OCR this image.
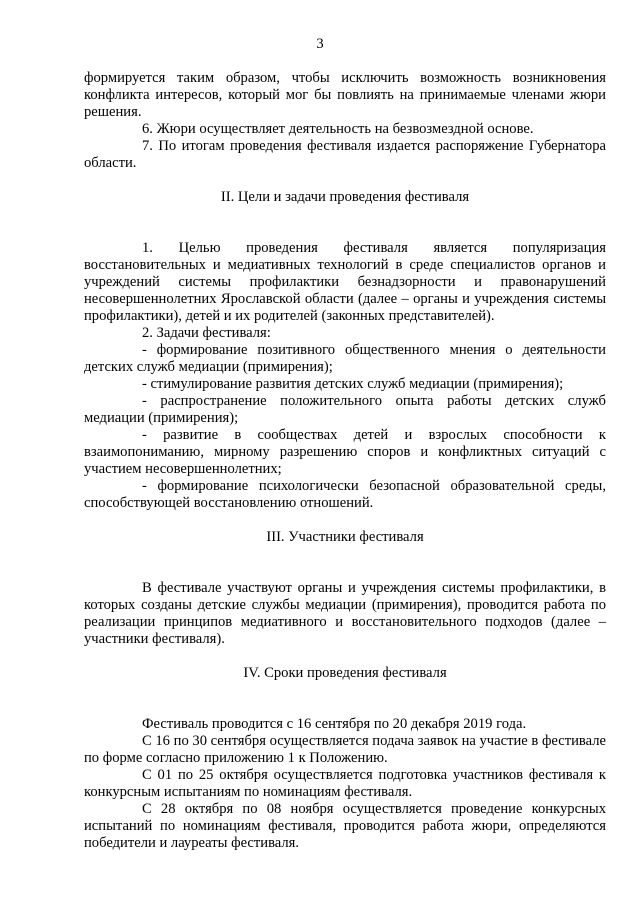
3

формируется таким образом, чтобы исключить возможность возникновения конфликта интересов, который мог бы повлиять на принимаемые членами жюри решения.

6. Жюри осуществляет деятельность на безвозмездной основе.

7. По итогам проведения фестиваля издается распоряжение Губернатора области.

II. Цели и задачи проведения фестиваля

1. Целью проведения фестиваля является популяризация восстановительных и медиативных технологий в среде специалистов органов и учреждений системы профилактики безнадзорности и правонарушений несовершеннолетних Ярославской области (далее – органы и учреждения системы профилактики), детей и их родителей (законных представителей).

2. Задачи фестиваля:

- формирование позитивного общественного мнения о деятельности детских служб медиации (примирения);

- стимулирование развития детских служб медиации (примирения);

- распространение положительного опыта работы детских служб медиации (примирения);

- развитие в сообществах детей и взрослых способности к взаимопониманию, мирному разрешению споров и конфликтных ситуаций с участием несовершеннолетних;

- формирование психологически безопасной образовательной среды, способствующей восстановлению отношений.

III. Участники фестиваля

В фестивале участвуют органы и учреждения системы профилактики, в которых созданы детские службы медиации (примирения), проводится работа по реализации принципов медиативного и восстановительного подходов (далее – участники фестиваля).

IV. Сроки проведения фестиваля

Фестиваль проводится с 16 сентября по 20 декабря 2019 года.

С 16 по 30 сентября осуществляется подача заявок на участие в фестивале по форме согласно приложению 1 к Положению.

С 01 по 25 октября осуществляется подготовка участников фестиваля к конкурсным испытаниям по номинациям фестиваля.

С 28 октября по 08 ноября осуществляется проведение конкурсных испытаний по номинациям фестиваля, проводится работа жюри, определяются победители и лауреаты фестиваля.
